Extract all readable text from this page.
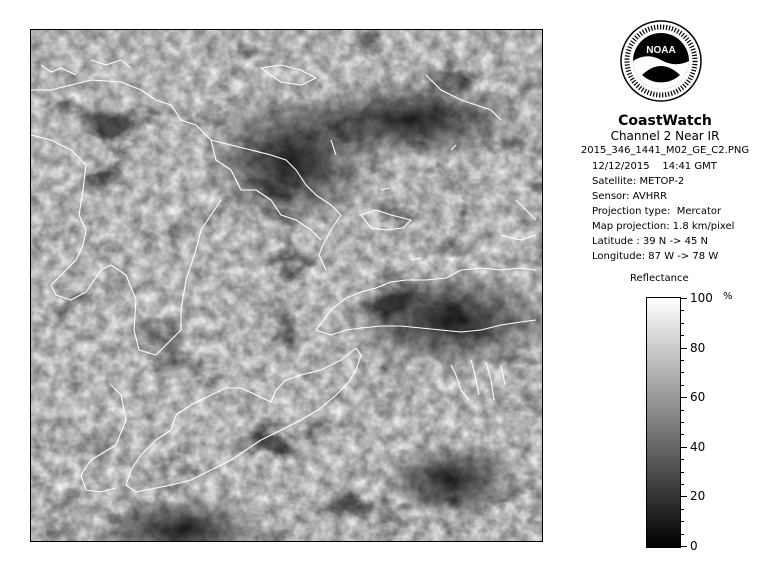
NOAA
CoastWatch
Channel 2 Near IR
2015_346_1441_M02_GE_C2.PNG
12/12/2015    14:41 GMT
Satellite: METOP-2
Sensor: AVHRR
Projection type:  Mercator
Map projection: 1.8 km/pixel
Latitude : 39 N -> 45 N
Longitude: 87 W -> 78 W
Reflectance
%
100
80
60
40
20
0
